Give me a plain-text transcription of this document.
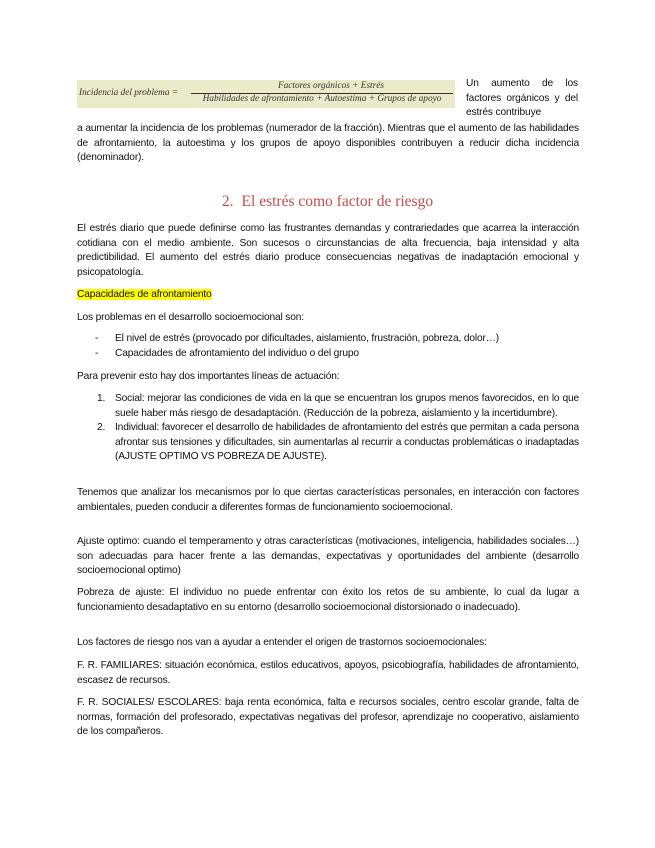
Incidencia del problema =
Factores orgánicos + Estrés
Habilidades de afrontamiento + Autoestima + Grupos de apoyo

Un aumento de los factores orgánicos y del estrés contribuye

a aumentar la incidencia de los problemas (numerador de la fracción). Mientras que el aumento de las habilidades de afrontamiento, la autoestima y los grupos de apoyo disponibles contribuyen a reducir dicha incidencia (denominador).

2. El estrés como factor de riesgo

El estrés diario que puede definirse como las frustrantes demandas y contrariedades que acarrea la interacción cotidiana con el medio ambiente. Son sucesos o circunstancias de alta frecuencia, baja intensidad y alta predictibilidad. El aumento del estrés diario produce consecuencias negativas de inadaptación emocional y psicopatología.

Capacidades de afrontamiento

Los problemas en el desarrollo socioemocional son:

- El nivel de estrés (provocado por dificultades, aislamiento, frustración, pobreza, dolor…)
- Capacidades de afrontamiento del individuo o del grupo

Para prevenir esto hay dos importantes líneas de actuación:

1. Social: mejorar las condiciones de vida en la que se encuentran los grupos menos favorecidos, en lo que suele haber más riesgo de desadaptación. (Reducción de la pobreza, aislamiento y la incertidumbre).
2. Individual: favorecer el desarrollo de habilidades de afrontamiento del estrés que permitan a cada persona afrontar sus tensiones y dificultades, sin aumentarlas al recurrir a conductas problemáticas o inadaptadas (AJUSTE OPTIMO VS POBREZA DE AJUSTE).

Tenemos que analizar los mecanismos por lo que ciertas características personales, en interacción con factores ambientales, pueden conducir a diferentes formas de funcionamiento socioemocional.

Ajuste optimo: cuando el temperamento y otras características (motivaciones, inteligencia, habilidades sociales…) son adecuadas para hacer frente a las demandas, expectativas y oportunidades del ambiente (desarrollo socioemocional optimo)

Pobreza de ajuste: El individuo no puede enfrentar con éxito los retos de su ambiente, lo cual da lugar a funcionamiento desadaptativo en su entorno (desarrollo socioemocional distorsionado o inadecuado).

Los factores de riesgo nos van a ayudar a entender el origen de trastornos socioemocionales:

F. R. FAMILIARES: situación económica, estilos educativos, apoyos, psicobiografía, habilidades de afrontamiento, escasez de recursos.

F. R. SOCIALES/ ESCOLARES: baja renta económica, falta e recursos sociales, centro escolar grande, falta de normas, formación del profesorado, expectativas negativas del profesor, aprendizaje no cooperativo, aislamiento de los compañeros.
